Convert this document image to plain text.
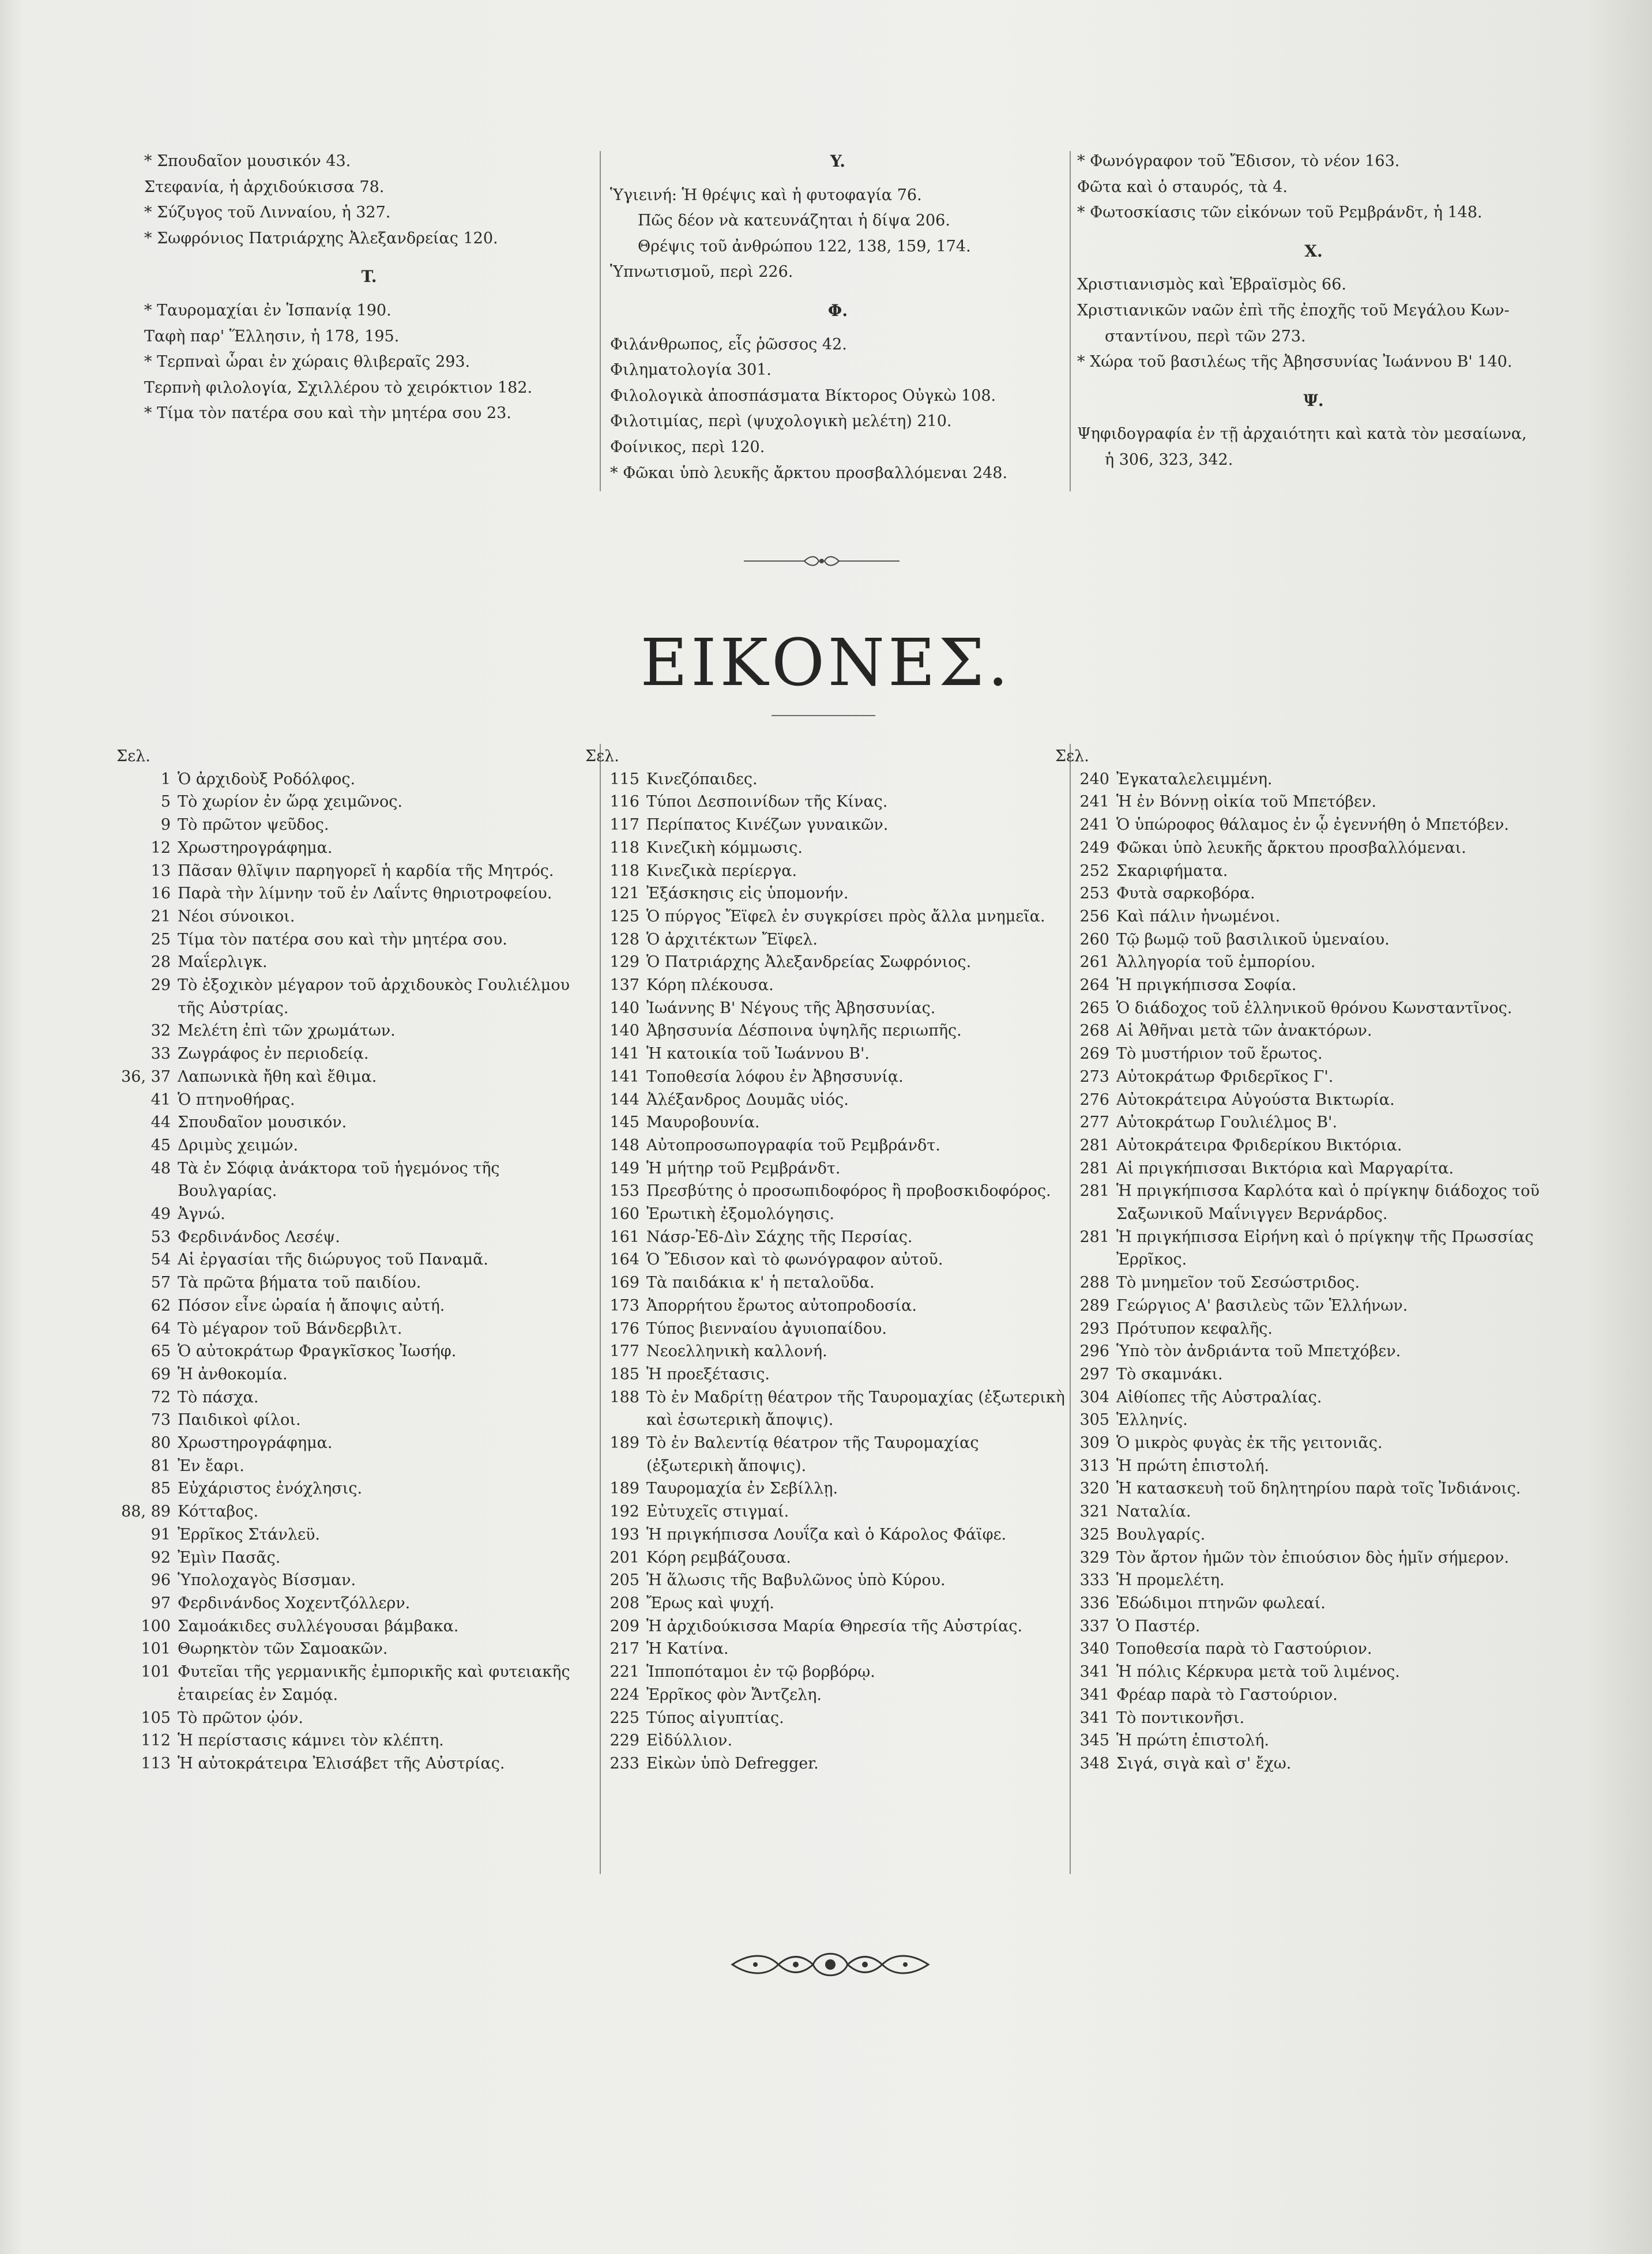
* Σπουδαῖον μουσικόν 43.
Στεφανία, ἡ ἀρχιδούκισσα 78.
* Σύζυγος τοῦ Λινναίου, ἡ 327.
* Σωφρόνιος Πατριάρχης Ἀλεξανδρείας 120.
T.
* Ταυρομαχίαι ἐν Ἱσπανίᾳ 190.
Ταφὴ παρ' Ἕλλησιν, ἡ 178, 195.
* Τερπναὶ ὧραι ἐν χώραις θλιβεραῖς 293.
Τερπνὴ φιλολογία, Σχιλλέρου τὸ χειρόκτιον 182.
* Τίμα τὸν πατέρα σου καὶ τὴν μητέρα σου 23.
Y.
Ὑγιεινή: Ἡ θρέψις καὶ ἡ φυτοφαγία 76.
Πῶς δέον νὰ κατευνάζηται ἡ δίψα 206.
Θρέψις τοῦ ἀνθρώπου 122, 138, 159, 174.
Ὑπνωτισμοῦ, περὶ 226.
Φ.
Φιλάνθρωπος, εἷς ῥῶσσος 42.
Φιληματολογία 301.
Φιλολογικὰ ἀποσπάσματα Βίκτορος Οὐγκὼ 108.
Φιλοτιμίας, περὶ (ψυχολογικὴ μελέτη) 210.
Φοίνικος, περὶ 120.
* Φῶκαι ὑπὸ λευκῆς ἄρκτου προσβαλλόμεναι 248.
* Φωνόγραφον τοῦ Ἔδισον, τὸ νέον 163.
Φῶτα καὶ ὁ σταυρός, τὰ 4.
* Φωτοσκίασις τῶν εἰκόνων τοῦ Ρεμβράνδτ, ἡ 148.
X.
Χριστιανισμὸς καὶ Ἑβραϊσμὸς 66.
Χριστιανικῶν ναῶν ἐπὶ τῆς ἐποχῆς τοῦ Μεγάλου Κων-
σταντίνου, περὶ τῶν 273.
* Χώρα τοῦ βασιλέως τῆς Ἀβησσυνίας Ἰωάννου Β' 140.
Ψ.
Ψηφιδογραφία ἐν τῇ ἀρχαιότητι καὶ κατὰ τὸν μεσαίωνα,
ἡ 306, 323, 342.
ΕΙΚΟΝΕΣ.
Σελ.
1 Ὁ ἀρχιδοὺξ Ροδόλφος.
5 Τὸ χωρίον ἐν ὥρᾳ χειμῶνος.
9 Τὸ πρῶτον ψεῦδος.
12 Χρωστηρογράφημα.
13 Πᾶσαν θλῖψιν παρηγορεῖ ἡ καρδία τῆς Μητρός.
16 Παρὰ τὴν λίμνην τοῦ ἐν Λαΐντς θηριοτροφείου.
21 Νέοι σύνοικοι.
25 Τίμα τὸν πατέρα σου καὶ τὴν μητέρα σου.
28 Μαΐερλιγκ.
29 Τὸ ἐξοχικὸν μέγαρον τοῦ ἀρχιδουκὸς Γουλιέλμου τῆς Αὐστρίας.
32 Μελέτη ἐπὶ τῶν χρωμάτων.
33 Ζωγράφος ἐν περιοδείᾳ.
36, 37 Λαπωνικὰ ἤθη καὶ ἔθιμα.
41 Ὁ πτηνοθήρας.
44 Σπουδαῖον μουσικόν.
45 Δριμὺς χειμών.
48 Τὰ ἐν Σόφιᾳ ἀνάκτορα τοῦ ἡγεμόνος τῆς Βουλγαρίας.
49 Ἀγνώ.
53 Φερδινάνδος Λεσέψ.
54 Αἱ ἐργασίαι τῆς διώρυγος τοῦ Παναμᾶ.
57 Τὰ πρῶτα βήματα τοῦ παιδίου.
62 Πόσον εἶνε ὡραία ἡ ἄποψις αὐτή.
64 Τὸ μέγαρον τοῦ Βάνδερβιλτ.
65 Ὁ αὐτοκράτωρ Φραγκῖσκος Ἰωσήφ.
69 Ἡ ἀνθοκομία.
72 Τὸ πάσχα.
73 Παιδικοὶ φίλοι.
80 Χρωστηρογράφημα.
81 Ἐν ἔαρι.
85 Εὐχάριστος ἐνόχλησις.
88, 89 Κότταβος.
91 Ἐρρῖκος Στάνλεϋ.
92 Ἐμὶν Πασᾶς.
96 Ὑπολοχαγὸς Βίσσμαν.
97 Φερδινάνδος Χοχεντζόλλερν.
100 Σαμοάκιδες συλλέγουσαι βάμβακα.
101 Θωρηκτὸν τῶν Σαμοακῶν.
101 Φυτεῖαι τῆς γερμανικῆς ἐμπορικῆς καὶ φυτειακῆς ἑταιρείας ἐν Σαμόᾳ.
105 Τὸ πρῶτον ᾠόν.
112 Ἡ περίστασις κάμνει τὸν κλέπτη.
113 Ἡ αὐτοκράτειρα Ἐλισάβετ τῆς Αὐστρίας.
Σελ.
115 Κινεζόπαιδες.
116 Τύποι Δεσποινίδων τῆς Κίνας.
117 Περίπατος Κινέζων γυναικῶν.
118 Κινεζικὴ κόμμωσις.
118 Κινεζικὰ περίεργα.
121 Ἐξάσκησις εἰς ὑπομονήν.
125 Ὁ πύργος Ἔϊφελ ἐν συγκρίσει πρὸς ἄλλα μνημεῖα.
128 Ὁ ἀρχιτέκτων Ἔϊφελ.
129 Ὁ Πατριάρχης Ἀλεξανδρείας Σωφρόνιος.
137 Κόρη πλέκουσα.
140 Ἰωάννης Β' Νέγους τῆς Ἀβησσυνίας.
140 Ἀβησσυνία Δέσποινα ὑψηλῆς περιωπῆς.
141 Ἡ κατοικία τοῦ Ἰωάννου Β'.
141 Τοποθεσία λόφου ἐν Ἀβησσυνίᾳ.
144 Ἀλέξανδρος Δουμᾶς υἱός.
145 Μαυροβουνία.
148 Αὐτοπροσωπογραφία τοῦ Ρεμβράνδτ.
149 Ἡ μήτηρ τοῦ Ρεμβράνδτ.
153 Πρεσβύτης ὁ προσωπιδοφόρος ἢ προβοσκιδοφόρος.
160 Ἐρωτικὴ ἐξομολόγησις.
161 Νάσρ-Ἐδ-Δὶν Σάχης τῆς Περσίας.
164 Ὁ Ἔδισον καὶ τὸ φωνόγραφον αὐτοῦ.
169 Τὰ παιδάκια κ' ἡ πεταλοῦδα.
173 Ἀπορρήτου ἔρωτος αὐτοπροδοσία.
176 Τύπος βιενναίου ἀγυιοπαίδου.
177 Νεοελληνικὴ καλλονή.
185 Ἡ προεξέτασις.
188 Τὸ ἐν Μαδρίτῃ θέατρον τῆς Ταυρομαχίας (ἐξωτερικὴ καὶ ἐσωτερικὴ ἄποψις).
189 Τὸ ἐν Βαλεντίᾳ θέατρον τῆς Ταυρομαχίας (ἐξωτερικὴ ἄποψις).
189 Ταυρομαχία ἐν Σεβίλλῃ.
192 Εὐτυχεῖς στιγμαί.
193 Ἡ πριγκήπισσα Λουΐζα καὶ ὁ Κάρολος Φάϊφε.
201 Κόρη ρεμβάζουσα.
205 Ἡ ἅλωσις τῆς Βαβυλῶνος ὑπὸ Κύρου.
208 Ἔρως καὶ ψυχή.
209 Ἡ ἀρχιδούκισσα Μαρία Θηρεσία τῆς Αὐστρίας.
217 Ἡ Κατίνα.
221 Ἱπποπόταμοι ἐν τῷ βορβόρῳ.
224 Ἐρρῖκος φὸν Ἄντζελη.
225 Τύπος αἰγυπτίας.
229 Εἰδύλλιον.
233 Εἰκὼν ὑπὸ Defregger.
Σελ.
240 Ἐγκαταλελειμμένη.
241 Ἡ ἐν Βόννῃ οἰκία τοῦ Μπετόβεν.
241 Ὁ ὑπώροφος θάλαμος ἐν ᾧ ἐγεννήθη ὁ Μπετόβεν.
249 Φῶκαι ὑπὸ λευκῆς ἄρκτου προσβαλλόμεναι.
252 Σκαριφήματα.
253 Φυτὰ σαρκοβόρα.
256 Καὶ πάλιν ἡνωμένοι.
260 Τῷ βωμῷ τοῦ βασιλικοῦ ὑμεναίου.
261 Ἀλληγορία τοῦ ἐμπορίου.
264 Ἡ πριγκήπισσα Σοφία.
265 Ὁ διάδοχος τοῦ ἑλληνικοῦ θρόνου Κωνσταντῖνος.
268 Αἱ Ἀθῆναι μετὰ τῶν ἀνακτόρων.
269 Τὸ μυστήριον τοῦ ἔρωτος.
273 Αὐτοκράτωρ Φριδερῖκος Γ'.
276 Αὐτοκράτειρα Αὐγούστα Βικτωρία.
277 Αὐτοκράτωρ Γουλιέλμος Β'.
281 Αὐτοκράτειρα Φριδερίκου Βικτόρια.
281 Αἱ πριγκήπισσαι Βικτόρια καὶ Μαργαρίτα.
281 Ἡ πριγκήπισσα Καρλότα καὶ ὁ πρίγκηψ διάδοχος τοῦ Σαξωνικοῦ Μαΐνιγγεν Βερνάρδος.
281 Ἡ πριγκήπισσα Εἰρήνη καὶ ὁ πρίγκηψ τῆς Πρωσσίας Ἐρρῖκος.
288 Τὸ μνημεῖον τοῦ Σεσώστριδος.
289 Γεώργιος Α' βασιλεὺς τῶν Ἑλλήνων.
293 Πρότυπον κεφαλῆς.
296 Ὑπὸ τὸν ἀνδριάντα τοῦ Μπετχόβεν.
297 Τὸ σκαμνάκι.
304 Αἰθίοπες τῆς Αὐστραλίας.
305 Ἑλληνίς.
309 Ὁ μικρὸς φυγὰς ἐκ τῆς γειτονιᾶς.
313 Ἡ πρώτη ἐπιστολή.
320 Ἡ κατασκευὴ τοῦ δηλητηρίου παρὰ τοῖς Ἰνδιάνοις.
321 Ναταλία.
325 Βουλγαρίς.
329 Τὸν ἄρτον ἡμῶν τὸν ἐπιούσιον δὸς ἡμῖν σήμερον.
333 Ἡ προμελέτη.
336 Ἐδώδιμοι πτηνῶν φωλεαί.
337 Ὁ Παστέρ.
340 Τοποθεσία παρὰ τὸ Γαστούριον.
341 Ἡ πόλις Κέρκυρα μετὰ τοῦ λιμένος.
341 Φρέαρ παρὰ τὸ Γαστούριον.
341 Τὸ ποντικονῆσι.
345 Ἡ πρώτη ἐπιστολή.
348 Σιγά, σιγὰ καὶ σ' ἔχω.
